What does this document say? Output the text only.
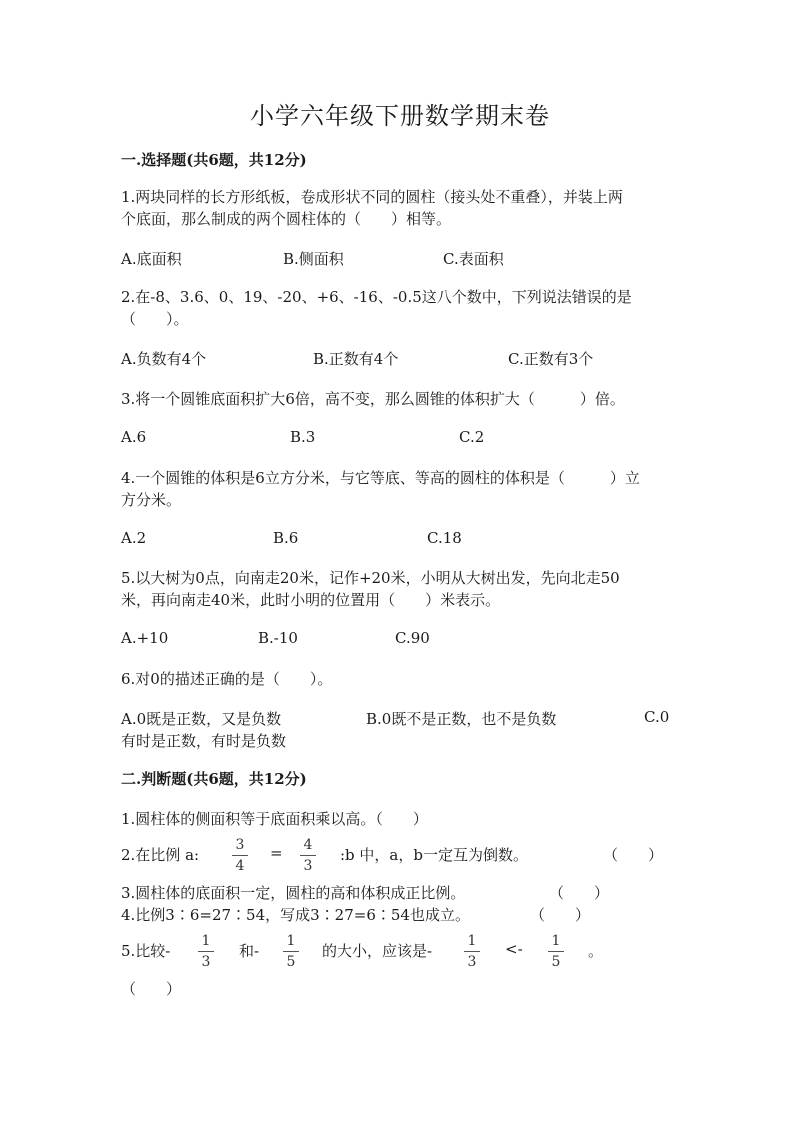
小学六年级下册数学期末卷
一.选择题(共6题，共12分)
1.两块同样的长方形纸板，卷成形状不同的圆柱（接头处不重叠），并装上两
个底面，那么制成的两个圆柱体的（　　）相等。
A.底面积	B.侧面积	C.表面积
2.在-8、3.6、0、19、-20、+6、-16、-0.5这八个数中，下列说法错误的是
（　　）。
A.负数有4个	B.正数有4个	C.正数有3个
3.将一个圆锥底面积扩大6倍，高不变，那么圆锥的体积扩大（　　　）倍。
A.6	B.3	C.2
4.一个圆锥的体积是6立方分米，与它等底、等高的圆柱的体积是（　　　）立
方分米。
A.2	B.6	C.18
5.以大树为0点，向南走20米，记作+20米，小明从大树出发，先向北走50
米，再向南走40米，此时小明的位置用（　　）米表示。
A.+10	B.-10	C.90
6.对0的描述正确的是（　　）。
A.0既是正数，又是负数	B.0既不是正数，也不是负数	C.0
有时是正数，有时是负数
二.判断题(共6题，共12分)
1.圆柱体的侧面积等于底面积乘以高。（　　）
2.在比例 a:
3
4
=	4
3
:b 中，a，b一定互为倒数。	（　　）
3.圆柱体的底面积一定，圆柱的高和体积成正比例。	（　　）
4.比例3∶6=27∶54，写成3∶27=6∶54也成立。	（　　）
5.比较-
1
3
和-
1
5
的大小，应该是-
1
3
<-	1
5
。
（　　）
